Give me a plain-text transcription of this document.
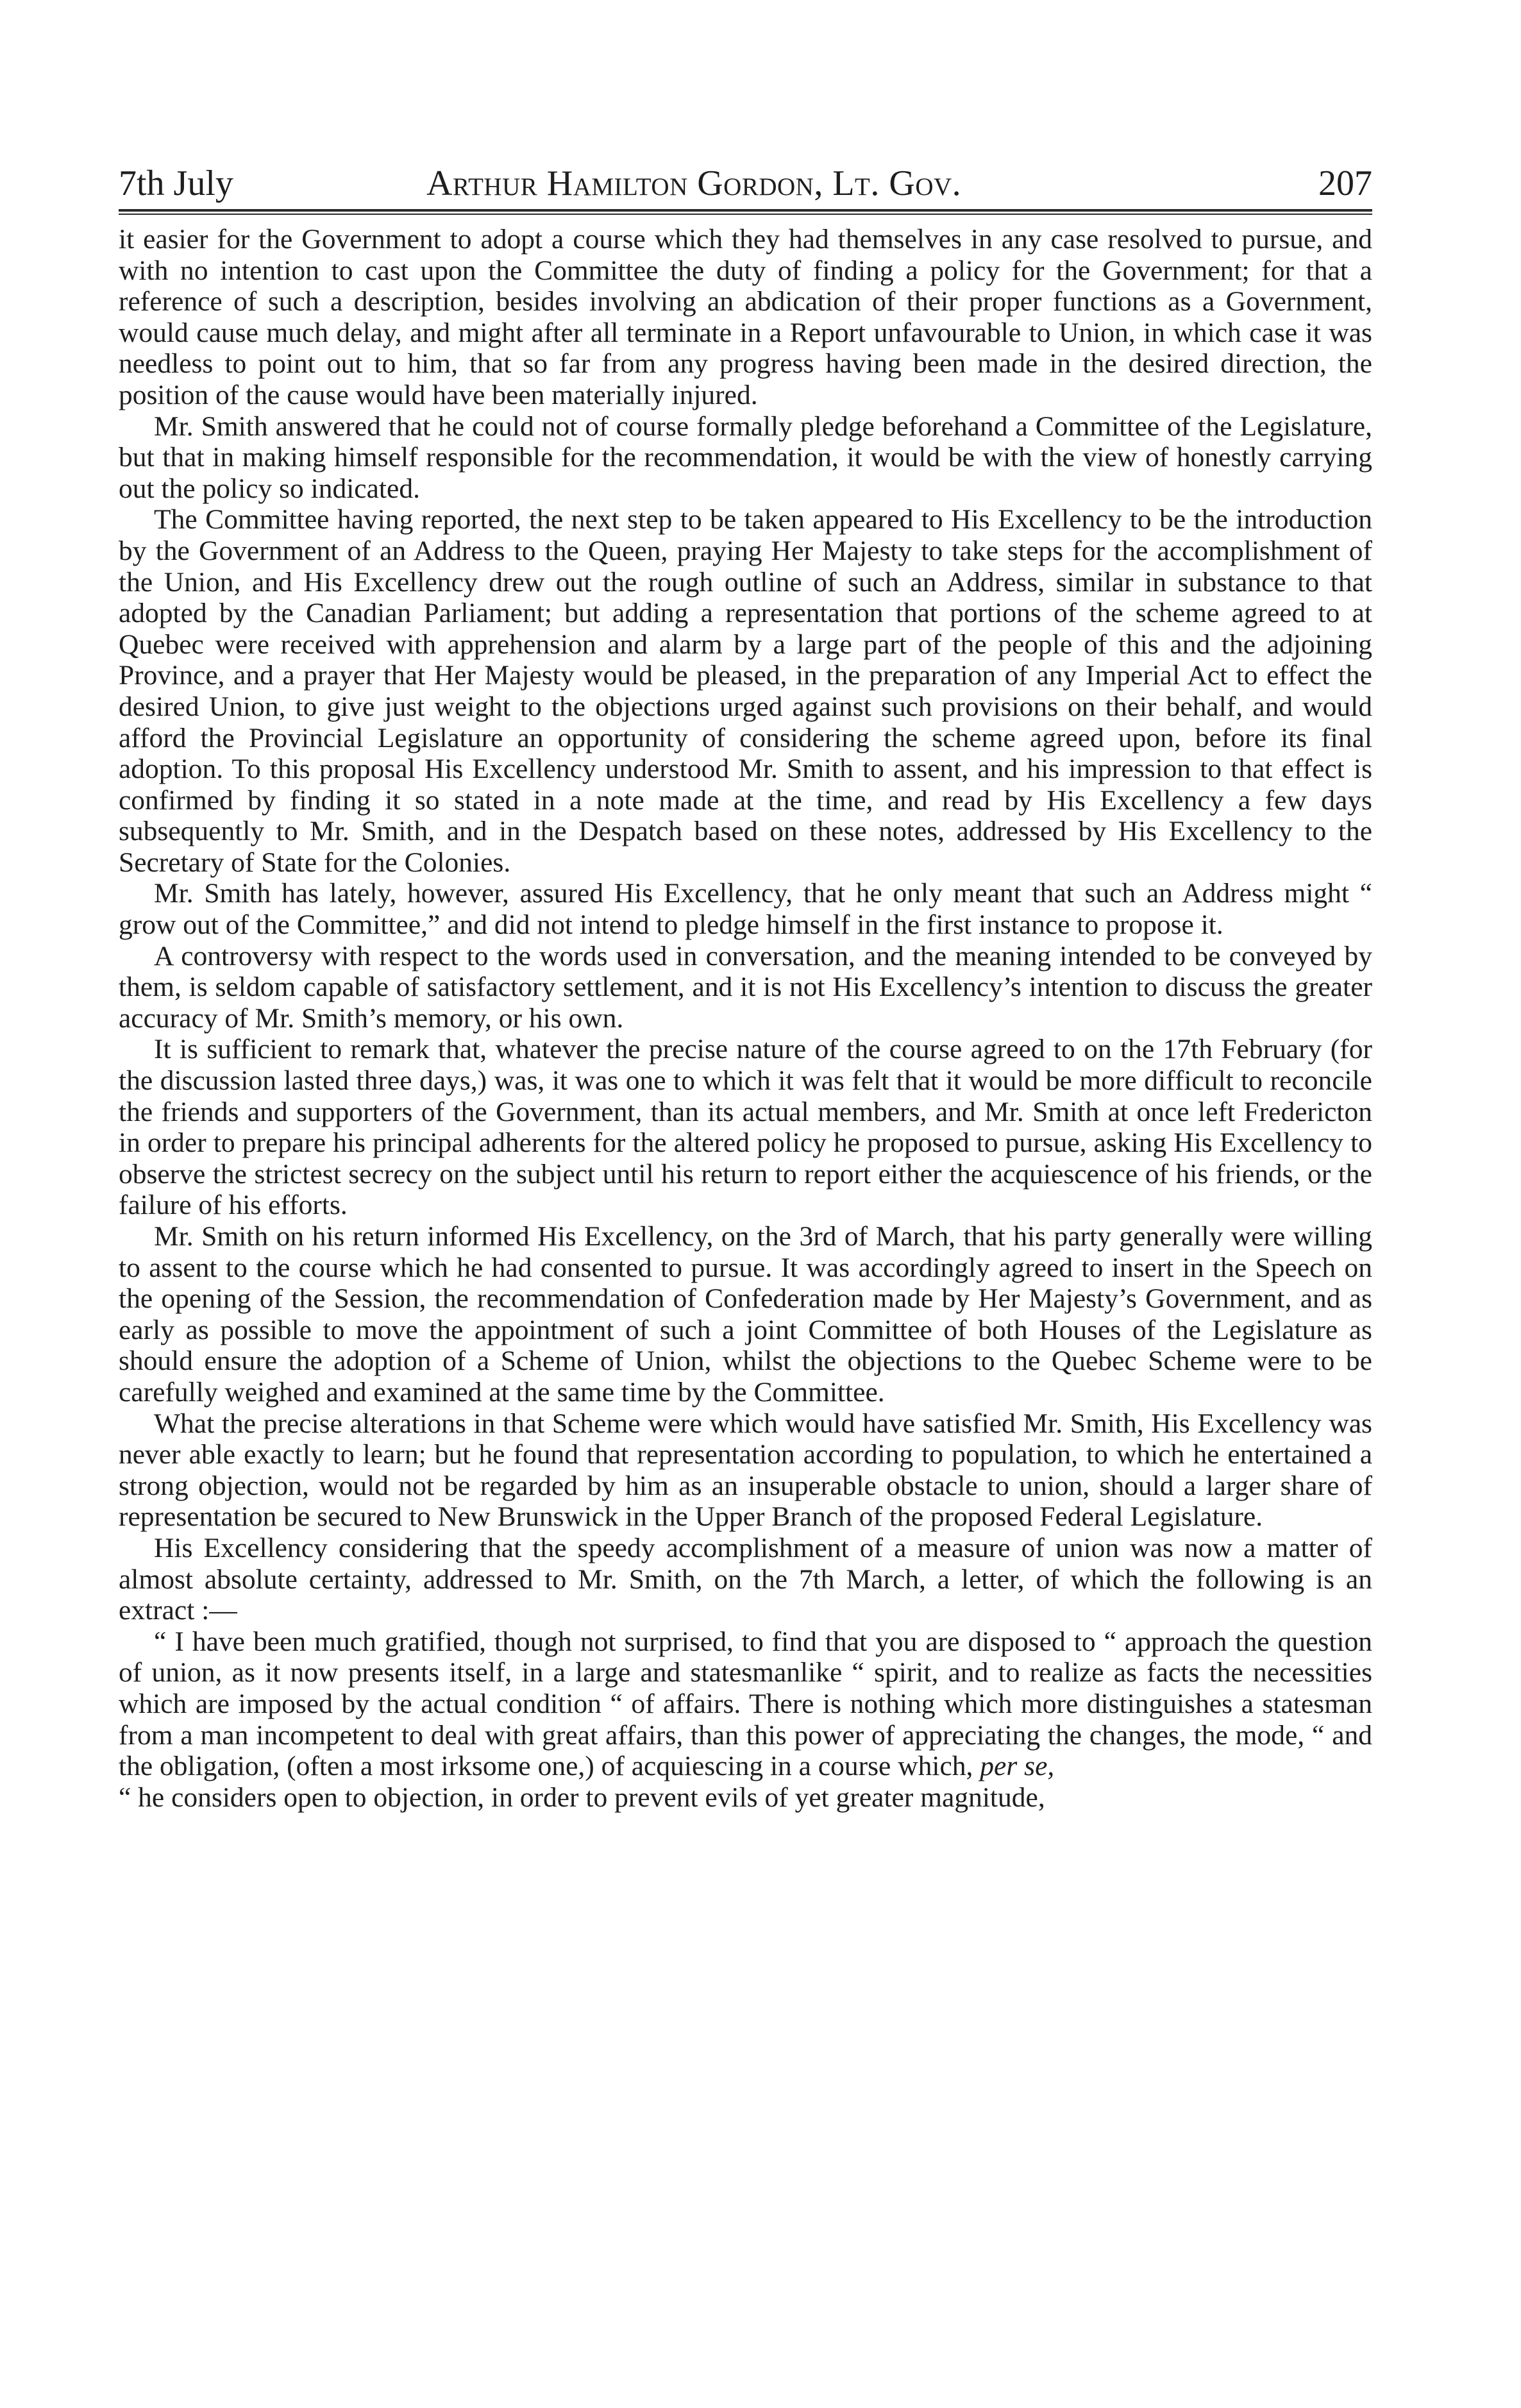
7th July	Arthur Hamilton Gordon, Lt. Gov.	207

it easier for the Government to adopt a course which they had themselves in any case resolved to pursue, and with no intention to cast upon the Committee the duty of finding a policy for the Government; for that a reference of such a description, besides involving an abdication of their proper functions as a Government, would cause much delay, and might after all terminate in a Report unfavourable to Union, in which case it was needless to point out to him, that so far from any progress having been made in the desired direction, the position of the cause would have been materially injured.

Mr. Smith answered that he could not of course formally pledge beforehand a Committee of the Legislature, but that in making himself responsible for the recommendation, it would be with the view of honestly carrying out the policy so indicated.

The Committee having reported, the next step to be taken appeared to His Excellency to be the introduction by the Government of an Address to the Queen, praying Her Majesty to take steps for the accomplishment of the Union, and His Excellency drew out the rough outline of such an Address, similar in substance to that adopted by the Canadian Parliament; but adding a representation that portions of the scheme agreed to at Quebec were received with apprehension and alarm by a large part of the people of this and the adjoining Province, and a prayer that Her Majesty would be pleased, in the preparation of any Imperial Act to effect the desired Union, to give just weight to the objections urged against such provisions on their behalf, and would afford the Provincial Legislature an opportunity of considering the scheme agreed upon, before its final adoption. To this proposal His Excellency understood Mr. Smith to assent, and his impression to that effect is confirmed by finding it so stated in a note made at the time, and read by His Excellency a few days subsequently to Mr. Smith, and in the Despatch based on these notes, addressed by His Excellency to the Secretary of State for the Colonies.

Mr. Smith has lately, however, assured His Excellency, that he only meant that such an Address might “ grow out of the Committee,” and did not intend to pledge himself in the first instance to propose it.

A controversy with respect to the words used in conversation, and the meaning intended to be conveyed by them, is seldom capable of satisfactory settlement, and it is not His Excellency’s intention to discuss the greater accuracy of Mr. Smith’s memory, or his own.

It is sufficient to remark that, whatever the precise nature of the course agreed to on the 17th February (for the discussion lasted three days,) was, it was one to which it was felt that it would be more difficult to reconcile the friends and supporters of the Government, than its actual members, and Mr. Smith at once left Fredericton in order to prepare his principal adherents for the altered policy he proposed to pursue, asking His Excellency to observe the strictest secrecy on the subject until his return to report either the acquiescence of his friends, or the failure of his efforts.

Mr. Smith on his return informed His Excellency, on the 3rd of March, that his party generally were willing to assent to the course which he had consented to pursue. It was accordingly agreed to insert in the Speech on the opening of the Session, the recommendation of Confederation made by Her Majesty’s Government, and as early as possible to move the appointment of such a joint Committee of both Houses of the Legislature as should ensure the adoption of a Scheme of Union, whilst the objections to the Quebec Scheme were to be carefully weighed and examined at the same time by the Committee.

What the precise alterations in that Scheme were which would have satisfied Mr. Smith, His Excellency was never able exactly to learn; but he found that representation according to population, to which he entertained a strong objection, would not be regarded by him as an insuperable obstacle to union, should a larger share of representation be secured to New Brunswick in the Upper Branch of the proposed Federal Legislature.

His Excellency considering that the speedy accomplishment of a measure of union was now a matter of almost absolute certainty, addressed to Mr. Smith, on the 7th March, a letter, of which the following is an extract :—

“ I have been much gratified, though not surprised, to find that you are disposed to “ approach the question of union, as it now presents itself, in a large and statesmanlike “ spirit, and to realize as facts the necessities which are imposed by the actual condition “ of affairs. There is nothing which more distinguishes a statesman from a man incompetent to deal with great affairs, than this power of appreciating the changes, the mode, “ and the obligation, (often a most irksome one,) of acquiescing in a course which, per se,
“ he considers open to objection, in order to prevent evils of yet greater magnitude,
